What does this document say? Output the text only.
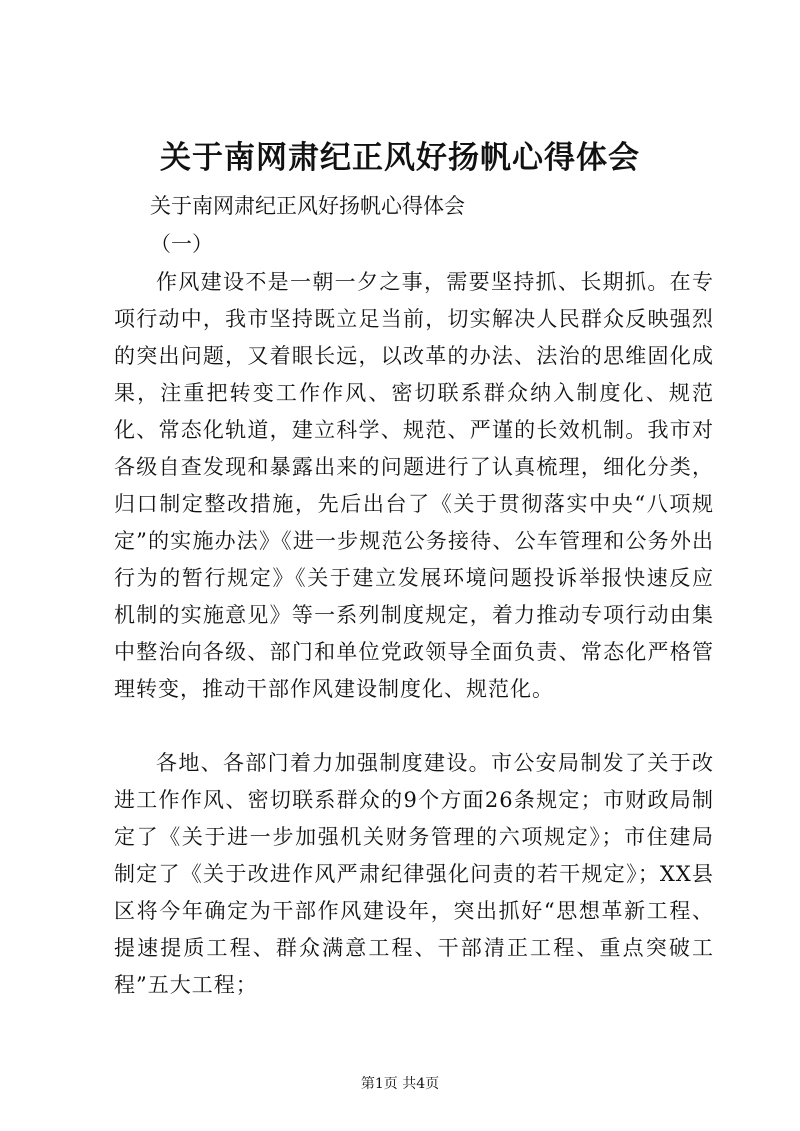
关于南网肃纪正风好扬帆心得体会

关于南网肃纪正风好扬帆心得体会

（一）

作风建设不是一朝一夕之事，需要坚持抓、长期抓。在专项行动中，我市坚持既立足当前，切实解决人民群众反映强烈的突出问题，又着眼长远，以改革的办法、法治的思维固化成果，注重把转变工作作风、密切联系群众纳入制度化、规范化、常态化轨道，建立科学、规范、严谨的长效机制。我市对各级自查发现和暴露出来的问题进行了认真梳理，细化分类，归口制定整改措施，先后出台了《关于贯彻落实中央“八项规定”的实施办法》《进一步规范公务接待、公车管理和公务外出行为的暂行规定》《关于建立发展环境问题投诉举报快速反应机制的实施意见》等一系列制度规定，着力推动专项行动由集中整治向各级、部门和单位党政领导全面负责、常态化严格管理转变，推动干部作风建设制度化、规范化。

各地、各部门着力加强制度建设。市公安局制发了关于改进工作作风、密切联系群众的9个方面26条规定；市财政局制定了《关于进一步加强机关财务管理的六项规定》；市住建局制定了《关于改进作风严肃纪律强化问责的若干规定》；XX县区将今年确定为干部作风建设年，突出抓好“思想革新工程、提速提质工程、群众满意工程、干部清正工程、重点突破工程”五大工程；

第1页 共4页
